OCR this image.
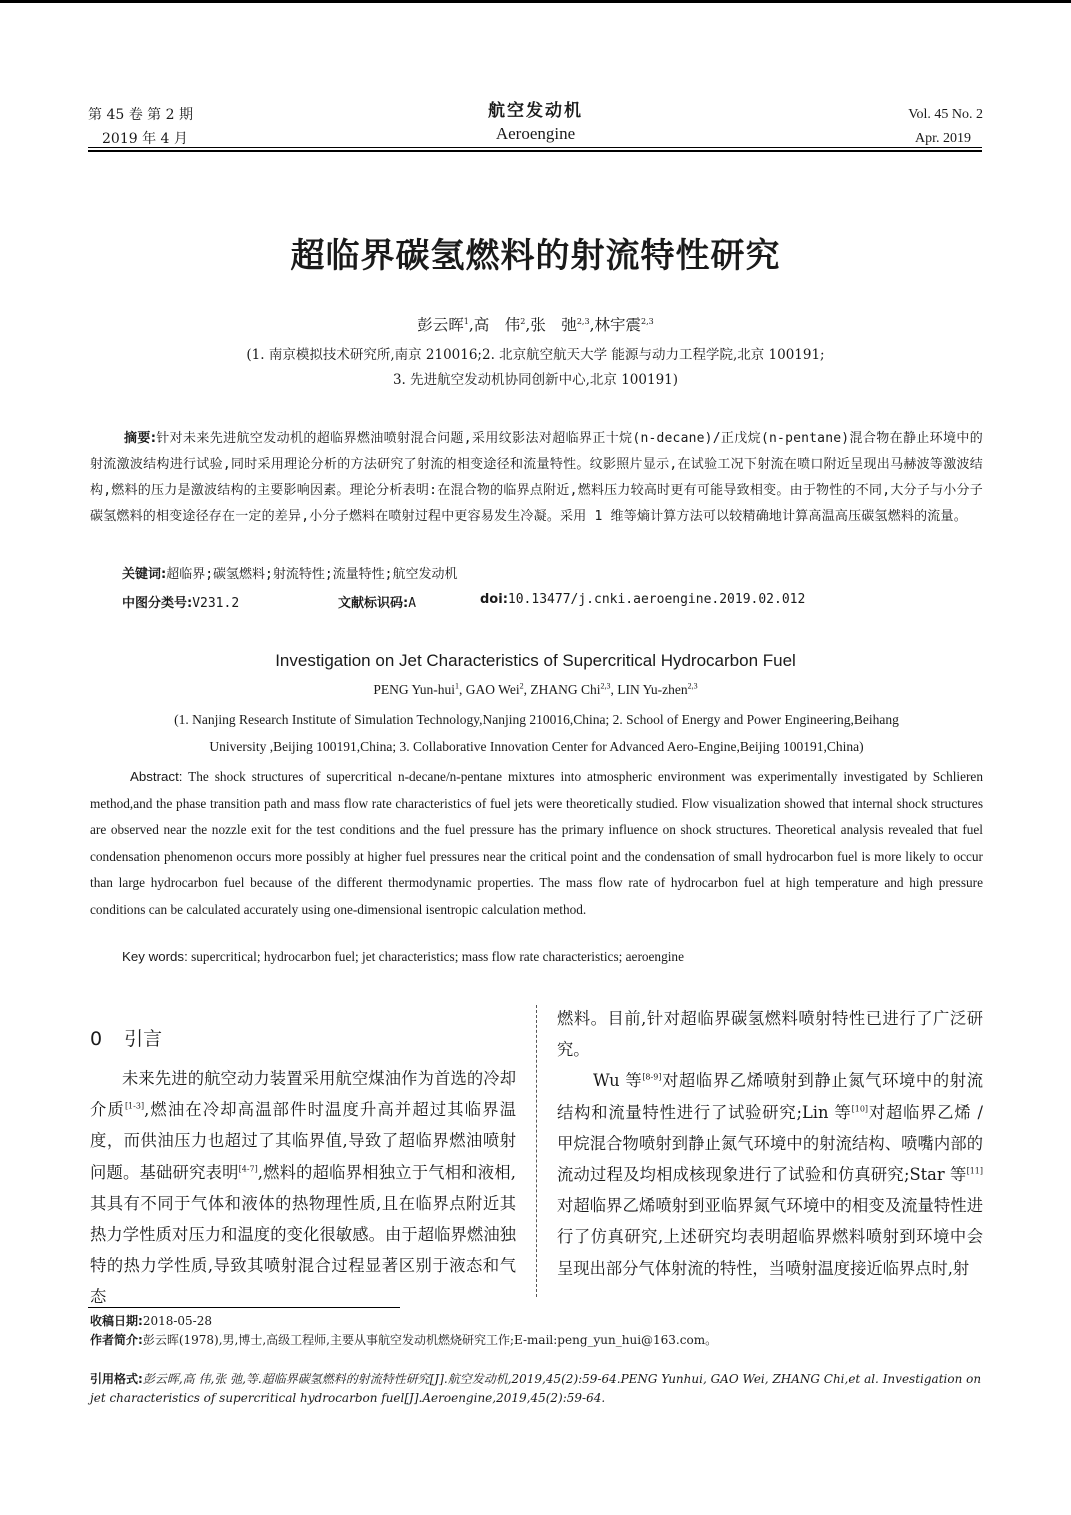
第 45 卷 第 2 期
2019 年 4 月
航空发动机
Aeroengine
Vol. 45 No. 2
Apr. 2019
超临界碳氢燃料的射流特性研究
彭云晖$^1$,高　伟$^2$,张　弛$^{2,3}$,林宇震$^{2,3}$
(1. 南京模拟技术研究所,南京 210016;2. 北京航空航天大学 能源与动力工程学院,北京 100191;
3. 先进航空发动机协同创新中心,北京 100191)
摘要:针对未来先进航空发动机的超临界燃油喷射混合问题,采用纹影法对超临界正十烷(n-decane)/正戊烷(n-pentane)混合物在静止环境中的射流激波结构进行试验,同时采用理论分析的方法研究了射流的相变途径和流量特性。纹影照片显示,在试验工况下射流在喷口附近呈现出马赫波等激波结构,燃料的压力是激波结构的主要影响因素。理论分析表明:在混合物的临界点附近,燃料压力较高时更有可能导致相变。由于物性的不同,大分子与小分子碳氢燃料的相变途径存在一定的差异,小分子燃料在喷射过程中更容易发生冷凝。采用 1 维等熵计算方法可以较精确地计算高温高压碳氢燃料的流量。
关键词:超临界;碳氢燃料;射流特性;流量特性;航空发动机
中图分类号:V231.2	文献标识码:A	doi:10.13477/j.cnki.aeroengine.2019.02.012
Investigation on Jet Characteristics of Supercritical Hydrocarbon Fuel
PENG Yun-hui$^1$, GAO Wei$^2$, ZHANG Chi$^{2,3}$, LIN Yu-zhen$^{2,3}$
(1. Nanjing Research Institute of Simulation Technology,Nanjing 210016,China; 2. School of Energy and Power Engineering,Beihang
University ,Beijing 100191,China; 3. Collaborative Innovation Center for Advanced Aero-Engine,Beijing 100191,China)
Abstract: The shock structures of supercritical n-decane/n-pentane mixtures into atmospheric environment was experimentally investigated by Schlieren method,and the phase transition path and mass flow rate characteristics of fuel jets were theoretically studied. Flow visualization showed that internal shock structures are observed near the nozzle exit for the test conditions and the fuel pressure has the primary influence on shock structures. Theoretical analysis revealed that fuel condensation phenomenon occurs more possibly at higher fuel pressures near the critical point and the condensation of small hydrocarbon fuel is more likely to occur than large hydrocarbon fuel because of the different thermodynamic properties. The mass flow rate of hydrocarbon fuel at high temperature and high pressure conditions can be calculated accurately using one-dimensional isentropic calculation method.
Key words: supercritical; hydrocarbon fuel; jet characteristics; mass flow rate characteristics; aeroengine
0 引言
未来先进的航空动力装置采用航空煤油作为首选的冷却介质[1-3],燃油在冷却高温部件时温度升高并超过其临界温度，而供油压力也超过了其临界值,导致了超临界燃油喷射问题。基础研究表明[4-7],燃料的超临界相独立于气相和液相,其具有不同于气体和液体的热物理性质,且在临界点附近其热力学性质对压力和温度的变化很敏感。由于超临界燃油独特的热力学性质,导致其喷射混合过程显著区别于液态和气态

燃料。目前,针对超临界碳氢燃料喷射特性已进行了广泛研究。

Wu 等[8-9]对超临界乙烯喷射到静止氮气环境中的射流结构和流量特性进行了试验研究;Lin 等[10]对超临界乙烯 / 甲烷混合物喷射到静止氮气环境中的射流结构、喷嘴内部的流动过程及均相成核现象进行了试验和仿真研究;Star 等[11]对超临界乙烯喷射到亚临界氮气环境中的相变及流量特性进行了仿真研究,上述研究均表明超临界燃料喷射到环境中会呈现出部分气体射流的特性，当喷射温度接近临界点时,射

收稿日期:2018-05-28
作者简介:彭云晖(1978),男,博士,高级工程师,主要从事航空发动机燃烧研究工作;E-mail:peng_yun_hui@163.com。
引用格式:彭云晖,高 伟,张 弛,等.超临界碳氢燃料的射流特性研究[J].航空发动机,2019,45(2):59-64.PENG Yunhui, GAO Wei, ZHANG Chi,et al. Investigation on jet characteristics of supercritical hydrocarbon fuel[J].Aeroengine,2019,45(2):59-64.
